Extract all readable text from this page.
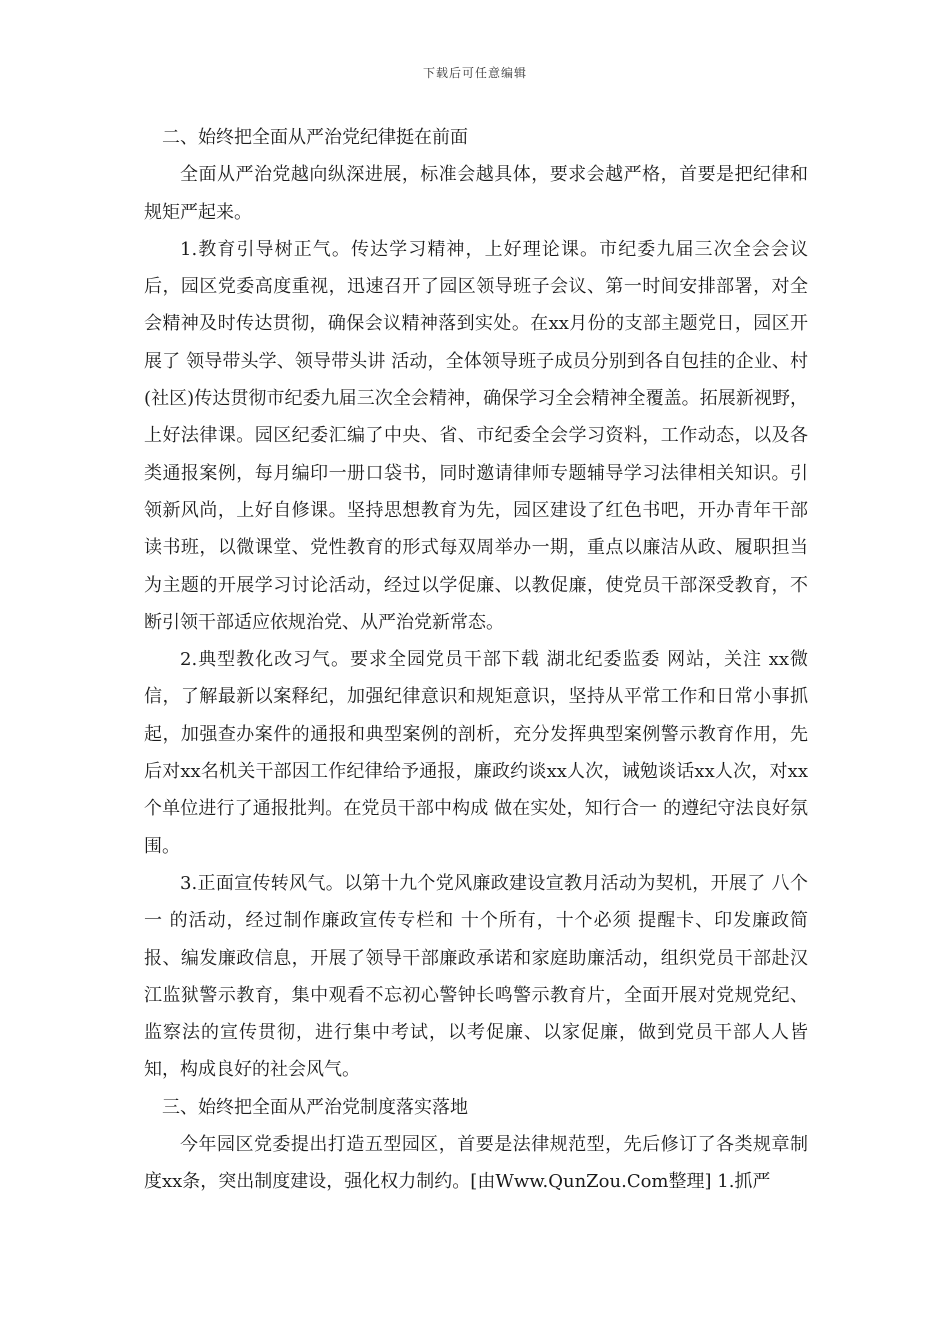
下载后可任意编辑

二、始终把全面从严治党纪律挺在前面

全面从严治党越向纵深进展，标准会越具体，要求会越严格，首要是把纪律和规矩严起来。

1.教育引导树正气。传达学习精神，上好理论课。市纪委九届三次全会会议后，园区党委高度重视，迅速召开了园区领导班子会议、第一时间安排部署，对全会精神及时传达贯彻，确保会议精神落到实处。在xx月份的支部主题党日，园区开展了 领导带头学、领导带头讲 活动，全体领导班子成员分别到各自包挂的企业、村(社区)传达贯彻市纪委九届三次全会精神，确保学习全会精神全覆盖。拓展新视野，上好法律课。园区纪委汇编了中央、省、市纪委全会学习资料，工作动态，以及各类通报案例，每月编印一册口袋书，同时邀请律师专题辅导学习法律相关知识。引领新风尚，上好自修课。坚持思想教育为先，园区建设了红色书吧，开办青年干部读书班，以微课堂、党性教育的形式每双周举办一期，重点以廉洁从政、履职担当为主题的开展学习讨论活动，经过以学促廉、以教促廉，使党员干部深受教育，不断引领干部适应依规治党、从严治党新常态。

2.典型教化改习气。要求全园党员干部下载 湖北纪委监委 网站，关注 xx微信，了解最新以案释纪，加强纪律意识和规矩意识，坚持从平常工作和日常小事抓起，加强查办案件的通报和典型案例的剖析，充分发挥典型案例警示教育作用，先后对xx名机关干部因工作纪律给予通报，廉政约谈xx人次，诫勉谈话xx人次，对xx个单位进行了通报批判。在党员干部中构成 做在实处，知行合一 的遵纪守法良好氛围。

3.正面宣传转风气。以第十九个党风廉政建设宣教月活动为契机，开展了 八个一 的活动，经过制作廉政宣传专栏和 十个所有，十个必须 提醒卡、印发廉政简报、编发廉政信息，开展了领导干部廉政承诺和家庭助廉活动，组织党员干部赴汉江监狱警示教育，集中观看不忘初心警钟长鸣警示教育片，全面开展对党规党纪、监察法的宣传贯彻，进行集中考试，以考促廉、以家促廉，做到党员干部人人皆知，构成良好的社会风气。

三、始终把全面从严治党制度落实落地

今年园区党委提出打造五型园区，首要是法律规范型，先后修订了各类规章制度xx条，突出制度建设，强化权力制约。[由Www.QunZou.Com整理] 1.抓严
